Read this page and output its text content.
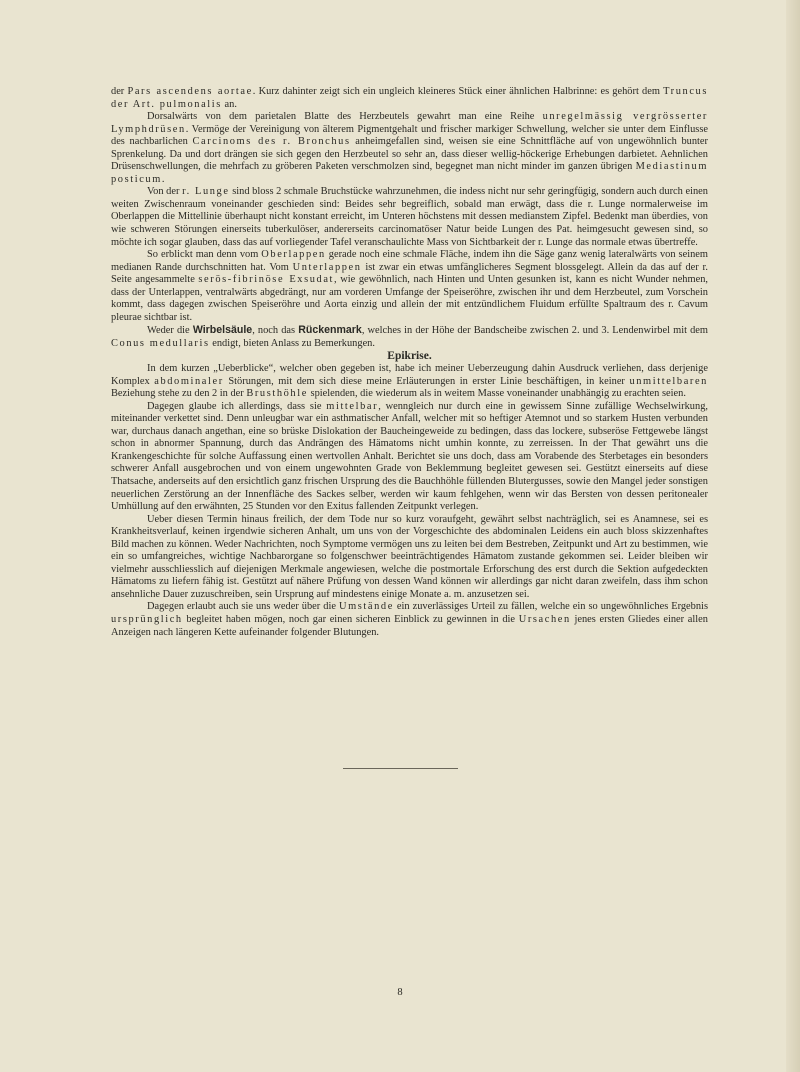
der Pars ascendens aortae. Kurz dahinter zeigt sich ein ungleich kleineres Stück einer ähnlichen Halbrinne: es gehört dem Truncus der Art. pulmonalis an.

Dorsalwärts von dem parietalen Blatte des Herzbeutels gewahrt man eine Reihe unregelmässig vergrösserter Lymphdrüsen. Vermöge der Vereinigung von älterem Pigmentgehalt und frischer markiger Schwellung, welcher sie unter dem Einflusse des nachbarlichen Carcinoms des r. Bronchus anheimgefallen sind, weisen sie eine Schnittfläche auf von ungewöhnlich bunter Sprenkelung. Da und dort drängen sie sich gegen den Herzbeutel so sehr an, dass dieser wellig-höckerige Erhebungen darbietet. Aehnlichen Drüsenschwellungen, die mehrfach zu gröberen Paketen verschmolzen sind, begegnet man nicht minder im ganzen übrigen Mediastinum posticum.

Von der r. Lunge sind bloss 2 schmale Bruchstücke wahrzunehmen, die indess nicht nur sehr geringfügig, sondern auch durch einen weiten Zwischenraum voneinander geschieden sind: Beides sehr begreiflich, sobald man erwägt, dass die r. Lunge normalerweise im Oberlappen die Mittellinie überhaupt nicht konstant erreicht, im Unteren höchstens mit dessen medianstem Zipfel. Bedenkt man überdies, von wie schweren Störungen einerseits tuberkulöser, andererseits carcinomatöser Natur beide Lungen des Pat. heimgesucht gewesen sind, so möchte ich sogar glauben, dass das auf vorliegender Tafel veranschaulichte Mass von Sichtbarkeit der r. Lunge das normale etwas übertreffe.

So erblickt man denn vom Oberlappen gerade noch eine schmale Fläche, indem ihn die Säge ganz wenig lateralwärts von seinem medianen Rande durchschnitten hat. Vom Unterlappen ist zwar ein etwas umfänglicheres Segment blossgelegt. Allein da das auf der r. Seite angesammelte serös-fibrinöse Exsudat, wie gewöhnlich, nach Hinten und Unten gesunken ist, kann es nicht Wunder nehmen, dass der Unterlappen, ventralwärts abgedrängt, nur am vorderen Umfange der Speiseröhre, zwischen ihr und dem Herzbeutel, zum Vorschein kommt, dass dagegen zwischen Speiseröhre und Aorta einzig und allein der mit entzündlichem Fluidum erfüllte Spaltraum des r. Cavum pleurae sichtbar ist.

Weder die Wirbelsäule, noch das Rückenmark, welches in der Höhe der Bandscheibe zwischen 2. und 3. Lendenwirbel mit dem Conus medullaris endigt, bieten Anlass zu Bemerkungen.

Epikrise.

In dem kurzen „Ueberblicke“, welcher oben gegeben ist, habe ich meiner Ueberzeugung dahin Ausdruck verliehen, dass derjenige Komplex abdominaler Störungen, mit dem sich diese meine Erläuterungen in erster Linie beschäftigen, in keiner unmittelbaren Beziehung stehe zu den 2 in der Brusthöhle spielenden, die wiederum als in weitem Masse voneinander unabhängig zu erachten seien.

Dagegen glaube ich allerdings, dass sie mittelbar, wenngleich nur durch eine in gewissem Sinne zufällige Wechselwirkung, miteinander verkettet sind. Denn unleugbar war ein asthmatischer Anfall, welcher mit so heftiger Atemnot und so starkem Husten verbunden war, durchaus danach angethan, eine so brüske Dislokation der Baucheingeweide zu bedingen, dass das lockere, subseröse Fettgewebe längst schon in abnormer Spannung, durch das Andrängen des Hämatoms nicht umhin konnte, zu zerreissen. In der That gewährt uns die Krankengeschichte für solche Auffassung einen wertvollen Anhalt. Berichtet sie uns doch, dass am Vorabende des Sterbetages ein besonders schwerer Anfall ausgebrochen und von einem ungewohnten Grade von Beklemmung begleitet gewesen sei. Gestützt einerseits auf diese Thatsache, anderseits auf den ersichtlich ganz frischen Ursprung des die Bauchhöhle füllenden Blutergusses, sowie den Mangel jeder sonstigen neuerlichen Zerstörung an der Innenfläche des Sackes selber, werden wir kaum fehlgehen, wenn wir das Bersten von dessen peritonealer Umhüllung auf den erwähnten, 25 Stunden vor den Exitus fallenden Zeitpunkt verlegen.

Ueber diesen Termin hinaus freilich, der dem Tode nur so kurz voraufgeht, gewährt selbst nachträglich, sei es Anamnese, sei es Krankheitsverlauf, keinen irgendwie sicheren Anhalt, um uns von der Vorgeschichte des abdominalen Leidens ein auch bloss skizzenhaftes Bild machen zu können. Weder Nachrichten, noch Symptome vermögen uns zu leiten bei dem Bestreben, Zeitpunkt und Art zu bestimmen, wie ein so umfangreiches, wichtige Nachbarorgane so folgenschwer beeinträchtigendes Hämatom zustande gekommen sei. Leider bleiben wir vielmehr ausschliesslich auf diejenigen Merkmale angewiesen, welche die postmortale Erforschung des erst durch die Sektion aufgedeckten Hämatoms zu liefern fähig ist. Gestützt auf nähere Prüfung von dessen Wand können wir allerdings gar nicht daran zweifeln, dass ihm schon ansehnliche Dauer zuzuschreiben, sein Ursprung auf mindestens einige Monate a. m. anzusetzen sei.

Dagegen erlaubt auch sie uns weder über die Umstände ein zuverlässiges Urteil zu fällen, welche ein so ungewöhnliches Ergebnis ursprünglich begleitet haben mögen, noch gar einen sicheren Einblick zu gewinnen in die Ursachen jenes ersten Gliedes einer allen Anzeigen nach längeren Kette aufeinander folgender Blutungen.

8
